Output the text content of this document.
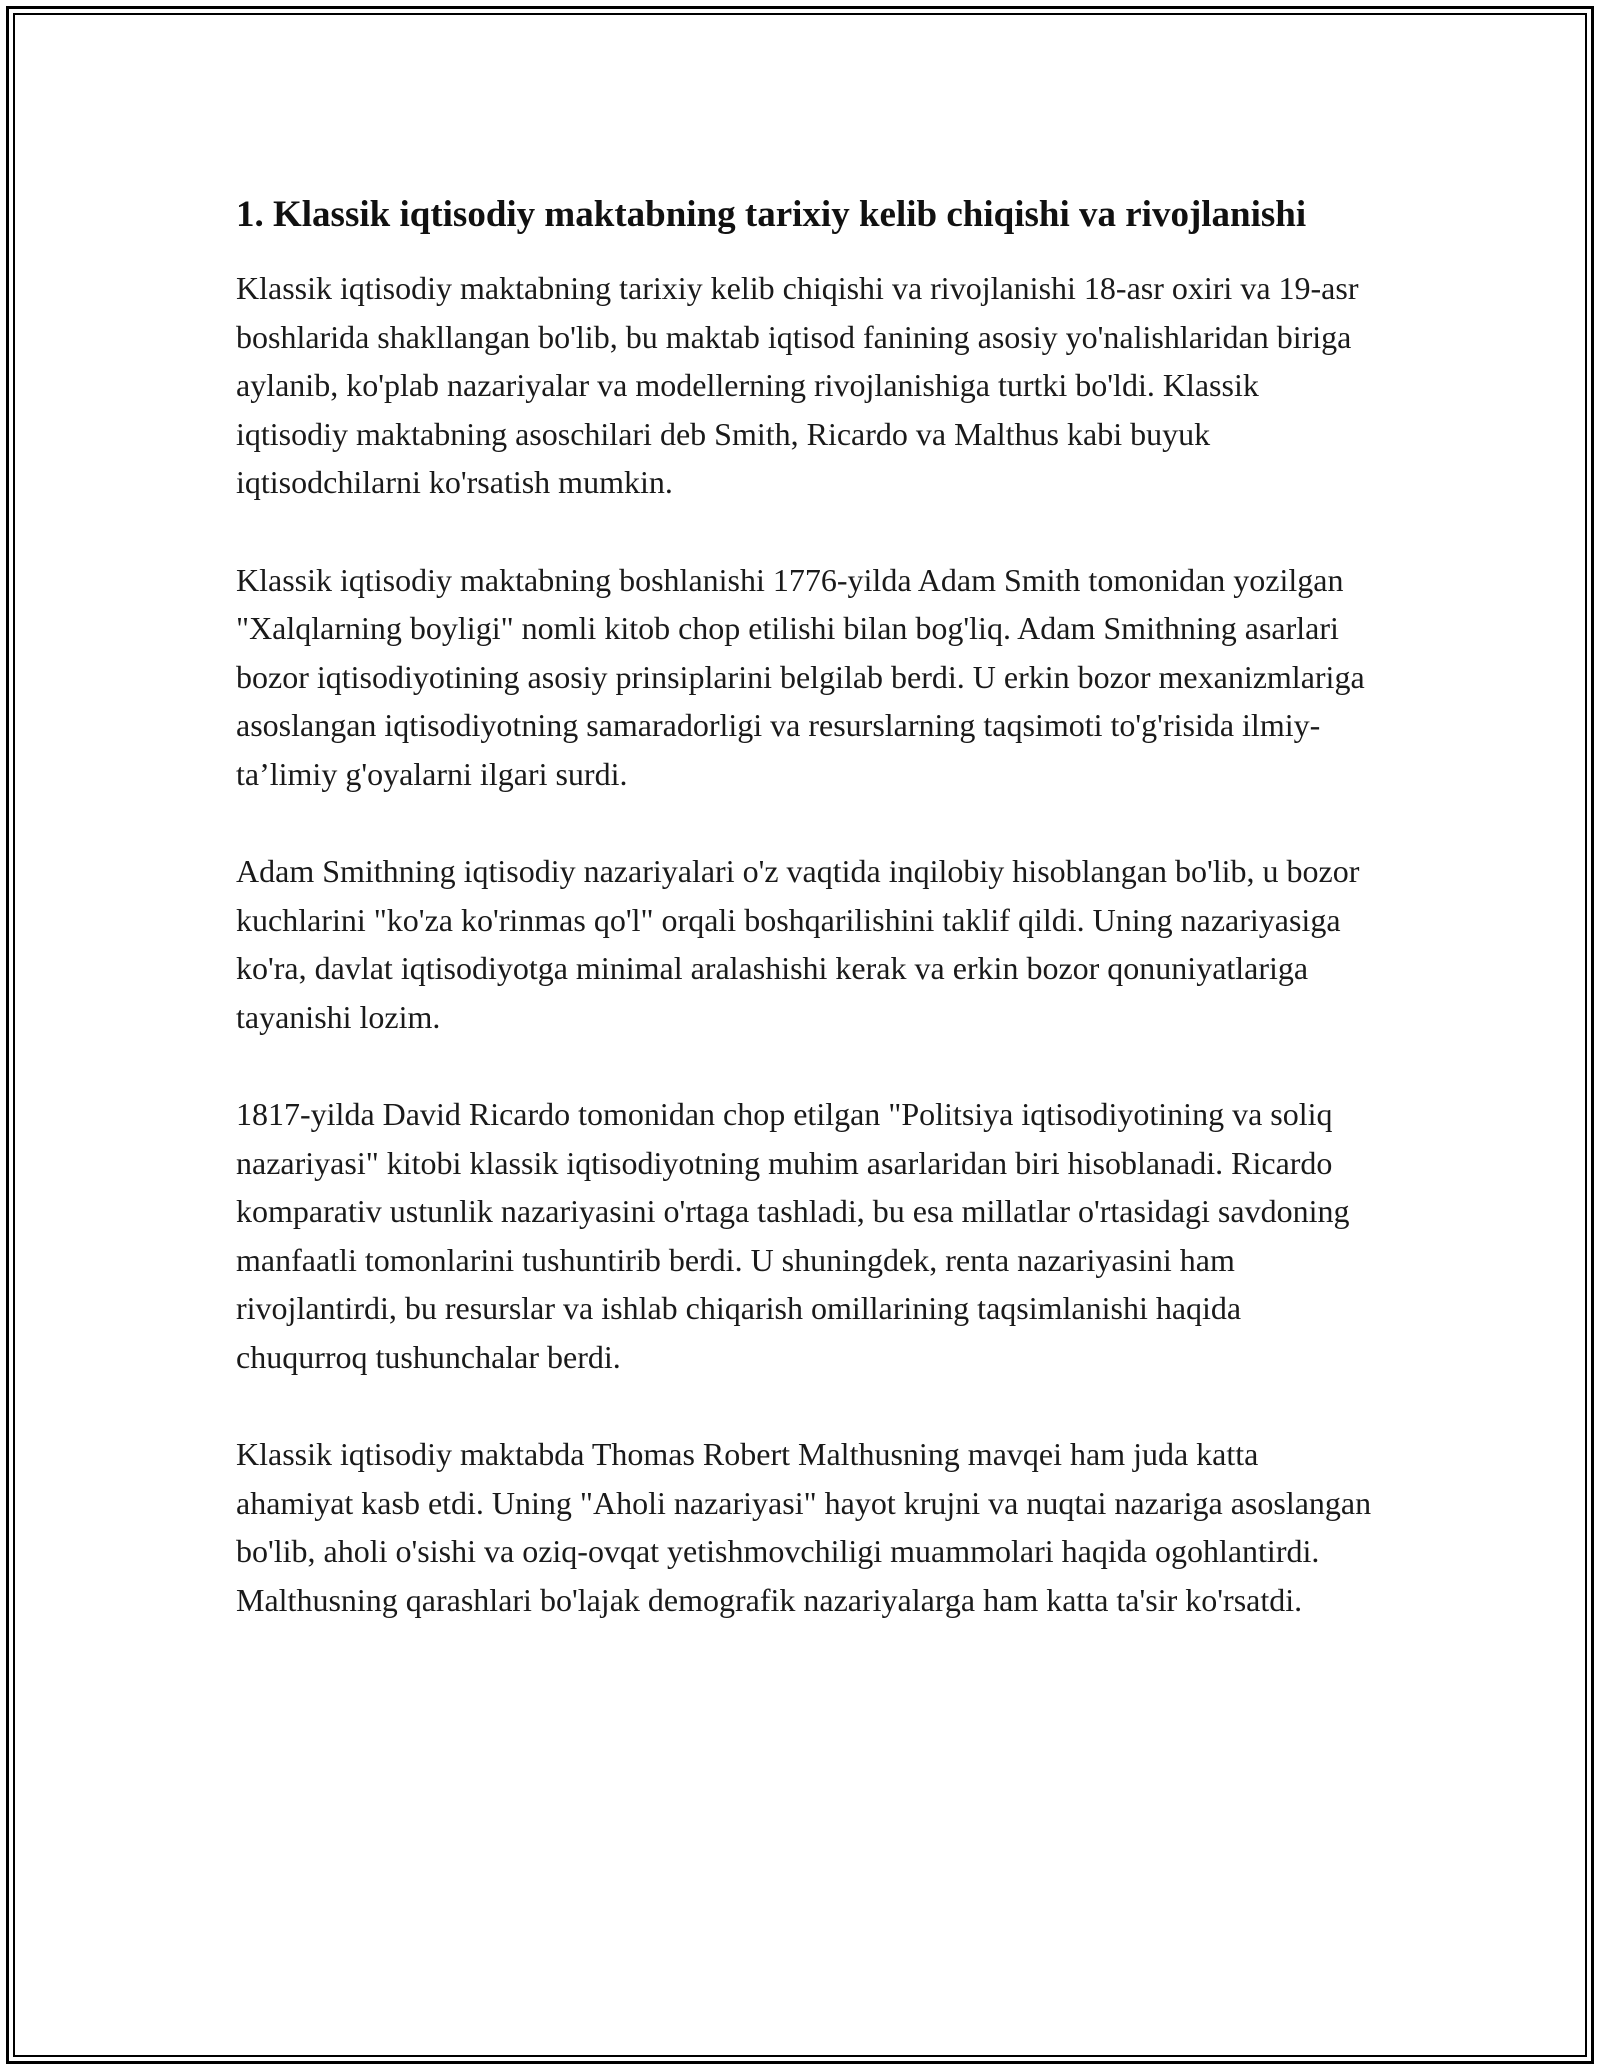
1. Klassik iqtisodiy maktabning tarixiy kelib chiqishi va rivojlanishi

Klassik iqtisodiy maktabning tarixiy kelib chiqishi va rivojlanishi 18-asr oxiri va 19-asr boshlarida shakllangan bo'lib, bu maktab iqtisod fanining asosiy yo'nalishlaridan biriga aylanib, ko'plab nazariyalar va modellerning rivojlanishiga turtki bo'ldi. Klassik iqtisodiy maktabning asoschilari deb Smith, Ricardo va Malthus kabi buyuk iqtisodchilarni ko'rsatish mumkin.

Klassik iqtisodiy maktabning boshlanishi 1776-yilda Adam Smith tomonidan yozilgan "Xalqlarning boyligi" nomli kitob chop etilishi bilan bog'liq. Adam Smithning asarlari bozor iqtisodiyotining asosiy prinsiplarini belgilab berdi. U erkin bozor mexanizmlariga asoslangan iqtisodiyotning samaradorligi va resurslarning taqsimoti to'g'risida ilmiy-ta’limiy g'oyalarni ilgari surdi.

Adam Smithning iqtisodiy nazariyalari o'z vaqtida inqilobiy hisoblangan bo'lib, u bozor kuchlarini "ko'za ko'rinmas qo'l" orqali boshqarilishini taklif qildi. Uning nazariyasiga ko'ra, davlat iqtisodiyotga minimal aralashishi kerak va erkin bozor qonuniyatlariga tayanishi lozim.

1817-yilda David Ricardo tomonidan chop etilgan "Politsiya iqtisodiyotining va soliq nazariyasi" kitobi klassik iqtisodiyotning muhim asarlaridan biri hisoblanadi. Ricardo komparativ ustunlik nazariyasini o'rtaga tashladi, bu esa millatlar o'rtasidagi savdoning manfaatli tomonlarini tushuntirib berdi. U shuningdek, renta nazariyasini ham rivojlantirdi, bu resurslar va ishlab chiqarish omillarining taqsimlanishi haqida chuqurroq tushunchalar berdi.

Klassik iqtisodiy maktabda Thomas Robert Malthusning mavqei ham juda katta ahamiyat kasb etdi. Uning "Aholi nazariyasi" hayot krujni va nuqtai nazariga asoslangan bo'lib, aholi o'sishi va oziq-ovqat yetishmovchiligi muammolari haqida ogohlantirdi. Malthusning qarashlari bo'lajak demografik nazariyalarga ham katta ta'sir ko'rsatdi.
